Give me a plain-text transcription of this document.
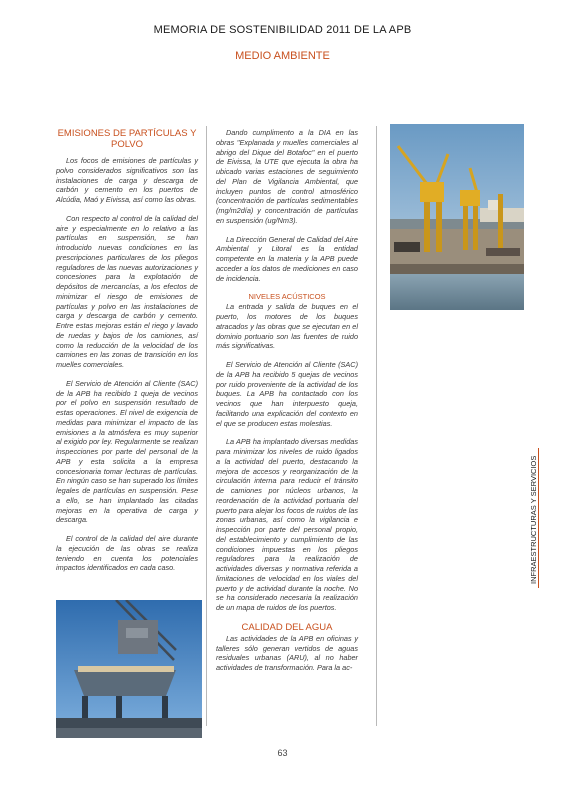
MEMORIA DE SOSTENIBILIDAD 2011 DE LA APB
MEDIO AMBIENTE
EMISIONES DE PARTÍCULAS Y POLVO

Los focos de emisiones de partículas y polvo considerados significativos son las instalaciones de carga y descarga de carbón y cemento en los puertos de Alcúdia, Maó y Eivissa, así como las obras.

Con respecto al control de la calidad del aire y especialmente en lo relativo a las partículas en suspensión, se han introducido nuevas condiciones en las prescripciones particulares de los pliegos reguladores de las nuevas autorizaciones y concesiones para la explotación de depósitos de mercancías, a los efectos de minimizar el riesgo de emisiones de partículas y polvo en las instalaciones de carga y descarga de carbón y cemento. Entre estas mejoras están el riego y lavado de ruedas y bajos de los camiones, así como la reducción de la velocidad de los camiones en las zonas de transición en los muelles comerciales.

El Servicio de Atención al Cliente (SAC) de la APB ha recibido 1 queja de vecinos por el polvo en suspensión resultado de estas operaciones. El nivel de exigencia de medidas para minimizar el impacto de las emisiones a la atmósfera es muy superior al exigido por ley. Regularmente se realizan inspecciones por parte del personal de la APB y esta solicita a la empresa concesionaria tomar lecturas de partículas. En ningún caso se han superado los límites legales de partículas en suspensión. Pese a ello, se han implantado las citadas mejoras en la operativa de carga y descarga.

El control de la calidad del aire durante la ejecución de las obras se realiza teniendo en cuenta los potenciales impactos identificados en cada caso.

Dando cumplimento a la DIA en las obras "Explanada y muelles comerciales al abrigo del Dique del Botafoc" en el puerto de Eivissa, la UTE que ejecuta la obra ha ubicado varias estaciones de seguimiento del Plan de Vigilancia Ambiental, que incluyen puntos de control atmosférico (concentración de partículas sedimentables (mg/m2día) y concentración de partículas en suspensión (ug/Nm3).

La Dirección General de Calidad del Aire Ambiental y Litoral es la entidad competente en la materia y la APB puede acceder a los datos de mediciones en caso de incidencia.

NIVELES ACÚSTICOS

La entrada y salida de buques en el puerto, los motores de los buques atracados y las obras que se ejecutan en el dominio portuario son las fuentes de ruido más significativas.

El Servicio de Atención al Cliente (SAC) de la APB ha recibido 5 quejas de vecinos por ruido proveniente de la actividad de los buques. La APB ha contactado con los vecinos que han interpuesto queja, facilitando una explicación del contexto en el que se producen estas molestias.

La APB ha implantado diversas medidas para minimizar los niveles de ruido ligados a la actividad del puerto, destacando la mejora de accesos y reorganización de la circulación interna para reducir el tránsito de camiones por núcleos urbanos, la reordenación de la actividad portuaria del puerto para alejar los focos de ruidos de las zonas urbanas, así como la vigilancia e inspección por parte del personal propio, del establecimiento y cumplimiento de las condiciones impuestas en los pliegos reguladores para la realización de actividades diversas y normativa referida a limitaciones de velocidad en los viales del puerto y de actividad durante la noche. No se ha considerado necesaria la realización de un mapa de ruidos de los puertos.

CALIDAD DEL AGUA

Las actividades de la APB en oficinas y talleres sólo generan vertidos de aguas residuales urbanas (ARU), al no haber actividades de transformación. Para la ac-

INFRAESTRUCTURAS Y SERVICIOS
63
